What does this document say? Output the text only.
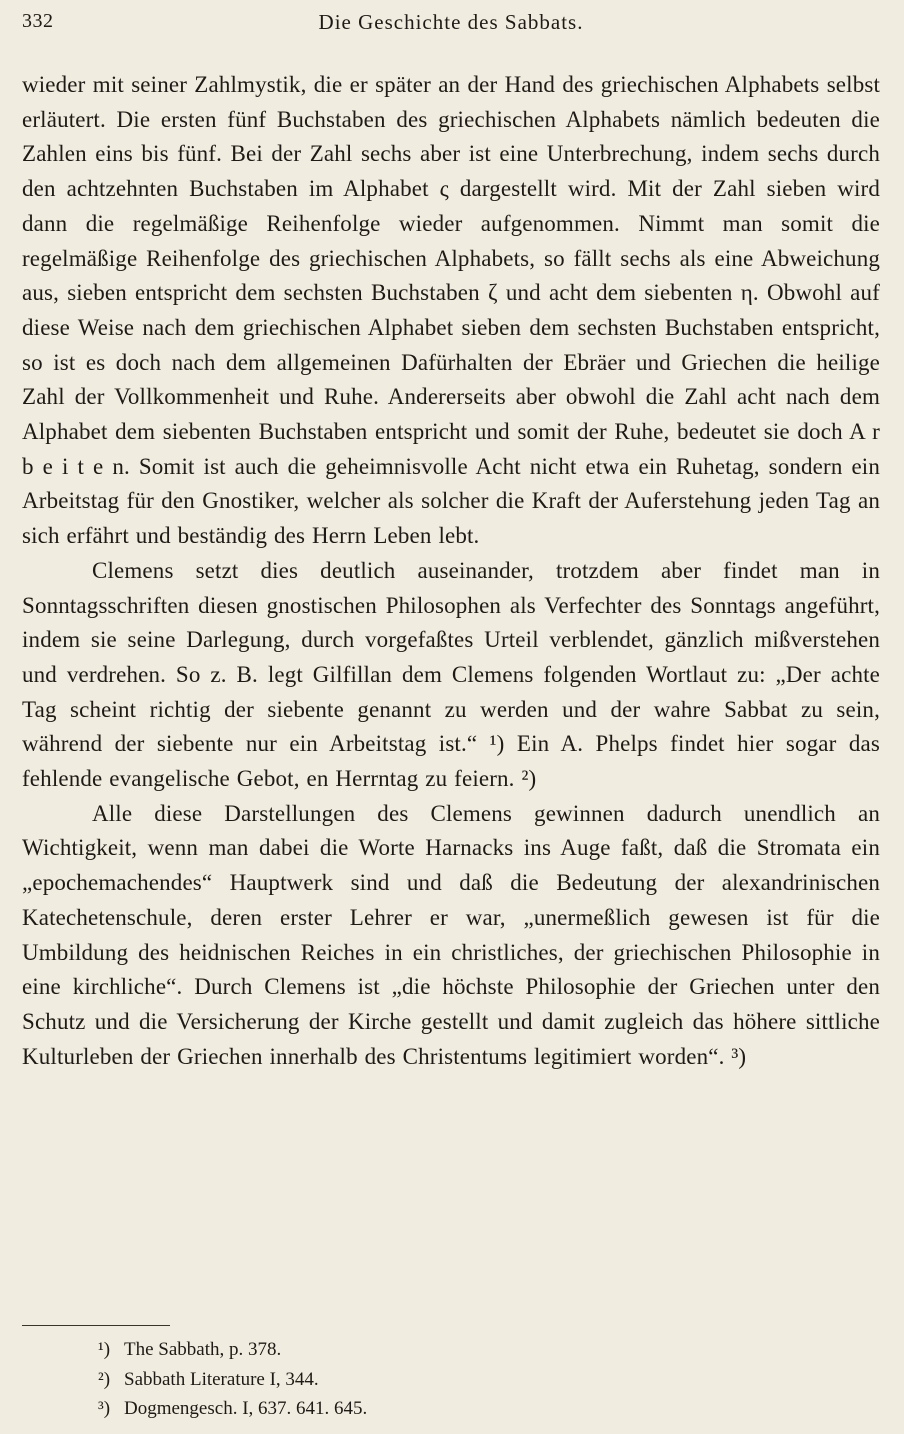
332	Die Geschichte des Sabbats.

wieder mit seiner Zahlmystik, die er später an der Hand des griechischen Alphabets selbst erläutert. Die ersten fünf Buchstaben des griechischen Alphabets nämlich bedeuten die Zahlen eins bis fünf. Bei der Zahl sechs aber ist eine Unterbrechung, indem sechs durch den achtzehnten Buchstaben im Alphabet ς dargestellt wird. Mit der Zahl sieben wird dann die regelmäßige Reihenfolge wieder aufgenommen. Nimmt man somit die regelmäßige Reihenfolge des griechischen Alphabets, so fällt sechs als eine Abweichung aus, sieben entspricht dem sechsten Buchstaben ζ und acht dem siebenten η. Obwohl auf diese Weise nach dem griechischen Alphabet sieben dem sechsten Buchstaben entspricht, so ist es doch nach dem allgemeinen Dafürhalten der Ebräer und Griechen die heilige Zahl der Vollkommenheit und Ruhe. Andererseits aber obwohl die Zahl acht nach dem Alphabet dem siebenten Buchstaben entspricht und somit der Ruhe, bedeutet sie doch A r b e i t e n. Somit ist auch die geheimnisvolle Acht nicht etwa ein Ruhetag, sondern ein Arbeitstag für den Gnostiker, welcher als solcher die Kraft der Auferstehung jeden Tag an sich erfährt und beständig des Herrn Leben lebt.

Clemens setzt dies deutlich auseinander, trotzdem aber findet man in Sonntagsschriften diesen gnostischen Philosophen als Verfechter des Sonntags angeführt, indem sie seine Darlegung, durch vorgefaßtes Urteil verblendet, gänzlich mißverstehen und verdrehen. So z. B. legt Gilfillan dem Clemens folgenden Wortlaut zu: „Der achte Tag scheint richtig der siebente genannt zu werden und der wahre Sabbat zu sein, während der siebente nur ein Arbeitstag ist.“ ¹) Ein A. Phelps findet hier sogar das fehlende evangelische Gebot, en Herrntag zu feiern. ²)

Alle diese Darstellungen des Clemens gewinnen dadurch unendlich an Wichtigkeit, wenn man dabei die Worte Harnacks ins Auge faßt, daß die Stromata ein „epochemachendes“ Hauptwerk sind und daß die Bedeutung der alexandrinischen Katechetenschule, deren erster Lehrer er war, „unermeßlich gewesen ist für die Umbildung des heidnischen Reiches in ein christliches, der griechischen Philosophie in eine kirchliche“. Durch Clemens ist „die höchste Philosophie der Griechen unter den Schutz und die Versicherung der Kirche gestellt und damit zugleich das höhere sittliche Kulturleben der Griechen innerhalb des Christentums legitimiert worden“. ³)

¹) The Sabbath, p. 378.
²) Sabbath Literature I, 344.
³) Dogmengesch. I, 637. 641. 645.
